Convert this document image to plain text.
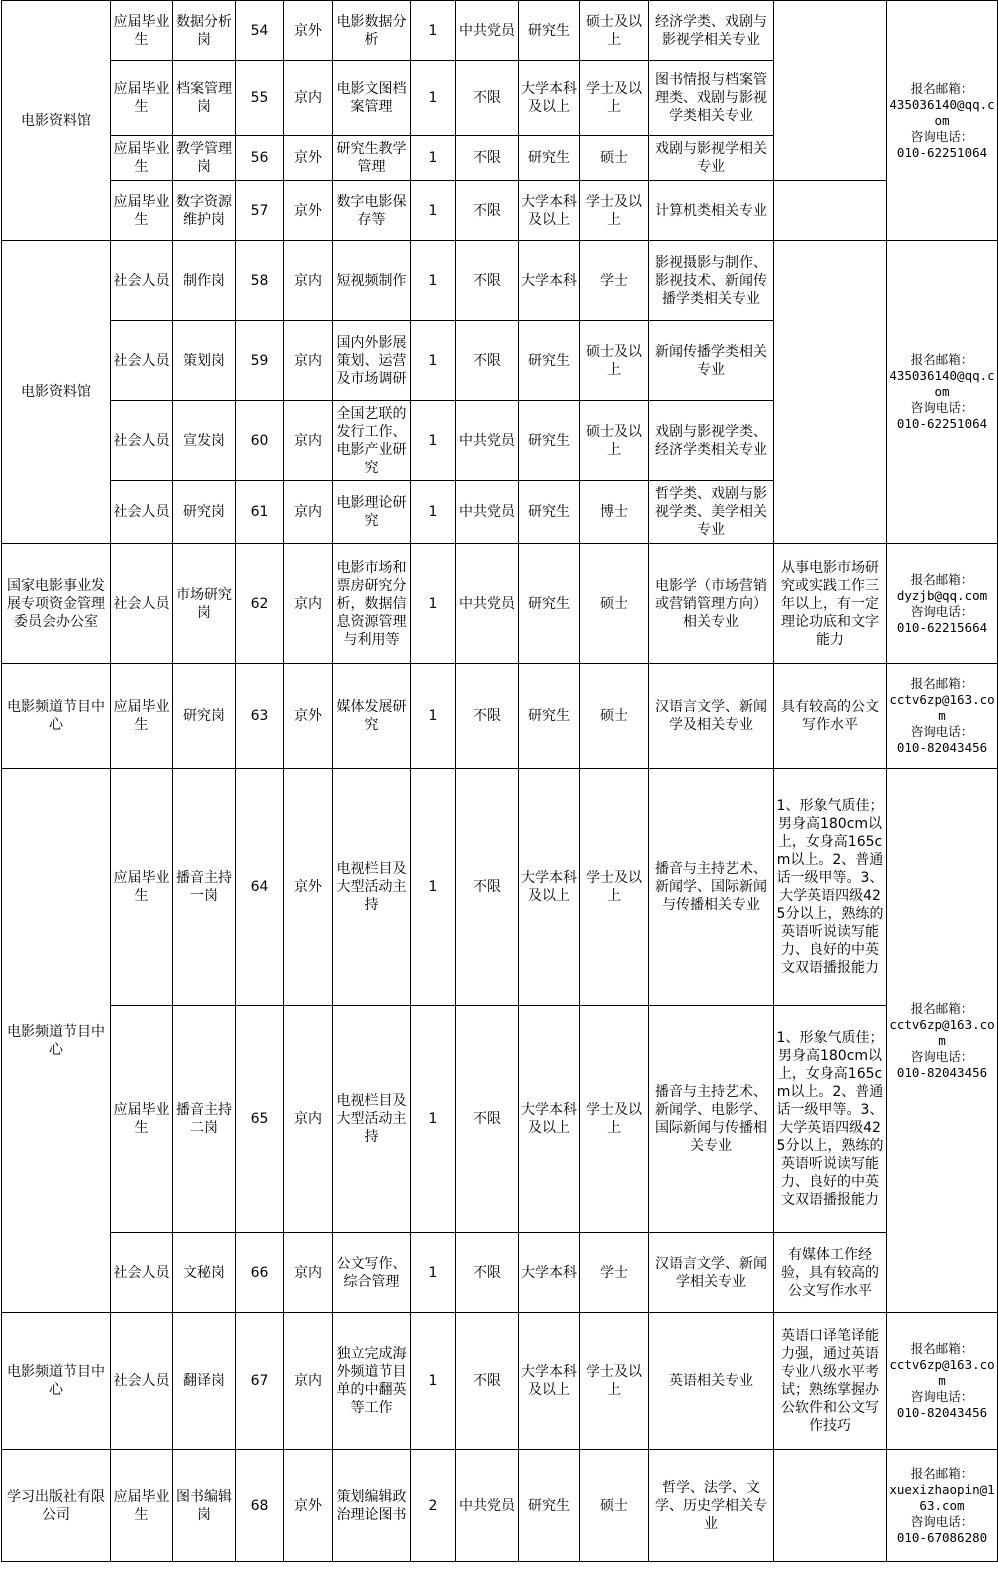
电影资料馆	应届毕业生	数据分析岗	54	京外	电影数据分析	1	中共党员	研究生	硕士及以上	经济学类、戏剧与影视学相关专业		报名邮箱：
435036140@qq.com
咨询电话：
010-62251064

	应届毕业生	档案管理岗	55	京内	电影文图档案管理	1	不限	大学本科及以上	学士及以上	图书情报与档案管理类、戏剧与影视学类相关专业		
	应届毕业生	教学管理岗	56	京外	研究生教学管理	1	不限	研究生	硕士	戏剧与影视学相关专业		
	应届毕业生	数字资源维护岗	57	京外	数字电影保存等	1	不限	大学本科及以上	学士及以上	计算机类相关专业		
电影资料馆	社会人员	制作岗	58	京内	短视频制作	1	不限	大学本科	学士	影视摄影与制作、影视技术、新闻传播学类相关专业		报名邮箱：
435036140@qq.com
咨询电话：
010-62251064

	社会人员	策划岗	59	京内	国内外影展策划、运营及市场调研	1	不限	研究生	硕士及以上	新闻传播学类相关专业		
	社会人员	宣发岗	60	京内	全国艺联的发行工作、电影产业研究	1	中共党员	研究生	硕士及以上	戏剧与影视学类、经济学类相关专业		
	社会人员	研究岗	61	京内	电影理论研究	1	中共党员	研究生	博士	哲学类、戏剧与影视学类、美学相关专业		
国家电影事业发展专项资金管理委员会办公室	社会人员	市场研究岗	62	京内	电影市场和票房研究分析，数据信息资源管理与利用等	1	中共党员	研究生	硕士	电影学（市场营销或营销管理方向）相关专业	从事电影市场研究或实践工作三年以上，有一定理论功底和文字能力	报名邮箱：
dyzjb@qq.com
咨询电话：
010-62215664

电影频道节目中心	应届毕业生	研究岗	63	京外	媒体发展研究	1	不限	研究生	硕士	汉语言文学、新闻学及相关专业	具有较高的公文写作水平	报名邮箱：
cctv6zp@163.com
咨询电话：
010-82043456

电影频道节目中心	应届毕业生	播音主持一岗	64	京外	电视栏目及大型活动主持	1	不限	大学本科及以上	学士及以上	播音与主持艺术、新闻学、国际新闻与传播相关专业	1、形象气质佳；男身高180cm以上，女身高165cm以上。2、普通话一级甲等。3、大学英语四级425分以上，熟练的英语听说读写能力、良好的中英文双语播报能力	报名邮箱：
cctv6zp@163.com
咨询电话：
010-82043456

	应届毕业生	播音主持二岗	65	京内	电视栏目及大型活动主持	1	不限	大学本科及以上	学士及以上	播音与主持艺术、新闻学、电影学、国际新闻与传播相关专业	1、形象气质佳；男身高180cm以上，女身高165cm以上。2、普通话一级甲等。3、大学英语四级425分以上，熟练的英语听说读写能力、良好的中英文双语播报能力	
	社会人员	文秘岗	66	京内	公文写作、综合管理	1	不限	大学本科	学士	汉语言文学、新闻学相关专业	有媒体工作经验，具有较高的公文写作水平	
电影频道节目中心	社会人员	翻译岗	67	京内	独立完成海外频道节目单的中翻英等工作	1	不限	大学本科及以上	学士及以上	英语相关专业	英语口译笔译能力强，通过英语专业八级水平考试；熟练掌握办公软件和公文写作技巧	报名邮箱：
cctv6zp@163.com
咨询电话：
010-82043456

学习出版社有限公司	应届毕业生	图书编辑岗	68	京外	策划编辑政治理论图书	2	中共党员	研究生	硕士	哲学、法学、文学、历史学相关专业		报名邮箱：
xuexizhaopin@163.com
咨询电话：
010-67086280
